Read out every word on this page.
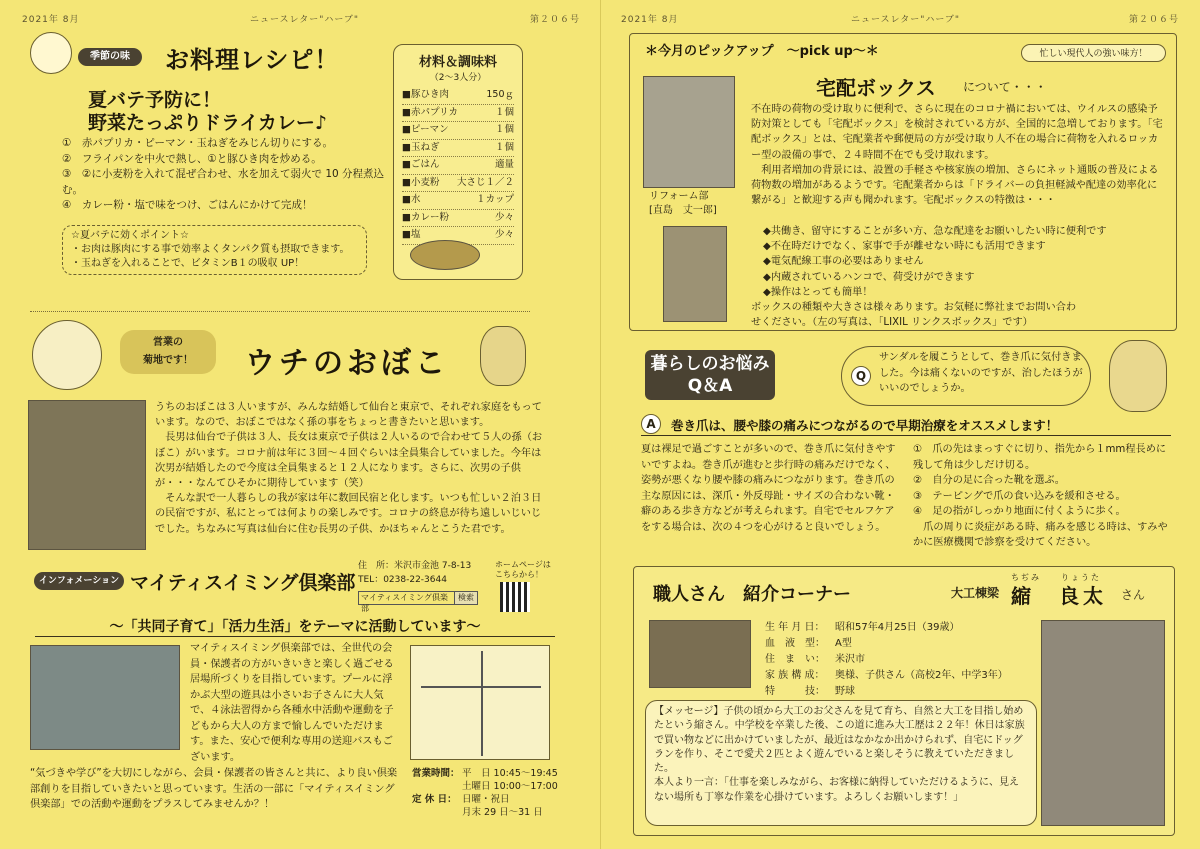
2021年 8月	ニュースレター"ハーブ"	第２０６号
季節の味	お料理レシピ！
夏バテ予防に！
野菜たっぷりドライカレー♪
①　赤パプリカ・ピーマン・玉ねぎをみじん切りにする。
②　フライパンを中火で熱し、①と豚ひき肉を炒める。
③　②に小麦粉を入れて混ぜ合わせ、水を加えて弱火で 10 分程煮込む。
④　カレー粉・塩で味をつけ、ごはんにかけて完成！
材料＆調味料
（2～3人分）
■豚ひき肉	150ｇ
■赤パプリカ	１個
■ピーマン	１個
■玉ねぎ	１個
■ごはん	適量
■小麦粉 大さじ１／２
■水	１カップ
■カレー粉	少々
■塩	少々
☆夏バテに効くポイント☆
・お肉は豚肉にする事で効率よくタンパク質も摂取できます。
・玉ねぎを入れることで、ビタミンB１の吸収 UP！
営業の
菊地です！	ウチのおぼこ
うちのおぼこは３人いますが、みんな結婚して仙台と東京で、それぞれ家庭をもっています。なので、おぼこではなく孫の事をちょっと書きたいと思います。
　長男は仙台で子供は３人、長女は東京で子供は２人いるので合わせて５人の孫（おぼこ）がいます。コロナ前は年に３回～４回ぐらいは全員集合していました。今年は次男が結婚したので今度は全員集まると１２人になります。さらに、次男の子供が・・・なんてひそかに期待しています（笑）
　そんな訳で一人暮らしの我が家は年に数回民宿と化します。いつも忙しい２泊３日の民宿ですが、私にとっては何よりの楽しみです。コロナの終息が待ち遠しいじいじでした。ちなみに写真は仙台に住む長男の子供、かほちゃんとこうた君です。
インフォメーション マイティスイミング倶楽部
住　所：米沢市金池 7-8-13
TEL：0238-22-3644
マイティスイミング倶楽部
検索
ホームページは
こちらから！
～「共同子育て」「活力生活」をテーマに活動しています～
マイティスイミング倶楽部では、全世代の会員・保護者の方がいきいきと楽しく過ごせる居場所づくりを目指しています。プールに浮かぶ大型の遊具は小さいお子さんに大人気で、４泳法習得から各種水中活動や運動を子どもから大人の方まで愉しんでいただけます。また、安心で便利な専用の送迎バスもございます。
“気づきや学び”を大切にしながら、会員・保護者の皆さんと共に、より良い倶楽部創りを目指していきたいと思っています。生活の一部に「マイティスイミング倶楽部」での活動や運動をプラスしてみませんか？！
営業時間： 平　日 10:45～19:45
土曜日 10:00～17:00
定 休 日： 日曜・祝日
月末 29 日～31 日
2021年 8月	ニュースレター"ハーブ"	第２０６号
＊今月のピックアップ　～pick up～＊	忙しい現代人の強い味方！
宅配ボックス について・・・
リフォーム部
[直島　丈一郎]
不在時の荷物の受け取りに便利で、さらに現在のコロナ禍においては、ウイルスの感染予防対策としても「宅配ボックス」を検討されている方が、全国的に急増しております。「宅配ボックス」とは、宅配業者や郵便局の方が受け取り人不在の場合に荷物を入れるロッカー型の設備の事で、２４時間不在でも受け取れます。
　利用者増加の背景には、設置の手軽さや核家族の増加、さらにネット通販の普及による荷物数の増加があるようです。宅配業者からは「ドライバーの負担軽減や配達の効率化に繋がる」と歓迎する声も聞かれます。宅配ボックスの特徴は・・・
◆共働き、留守にすることが多い方、急な配達をお願いしたい時に便利です
◆不在時だけでなく、家事で手が離せない時にも活用できます
◆電気配線工事の必要はありません
◆内蔵されているハンコで、荷受けができます
◆操作はとっても簡単！
ボックスの種類や大きさは様々あります。お気軽に弊社までお問い合わせください。（左の写真は、「LIXIL リンクスボックス」です）
暮らしのお悩み
Q＆A	Q
サンダルを履こうとして、巻き爪に気付きました。今は痛くないのですが、治したほうがいいのでしょうか。
A	巻き爪は、腰や膝の痛みにつながるので早期治療をオススメします！
夏は裸足で過ごすことが多いので、巻き爪に気付きやすいですよね。巻き爪が進むと歩行時の痛みだけでなく、姿勢が悪くなり腰や膝の痛みにつながります。巻き爪の主な原因には、深爪・外反母趾・サイズの合わない靴・癖のある歩き方などが考えられます。自宅でセルフケアをする場合は、次の４つを心がけると良いでしょう。
①　爪の先はまっすぐに切り、指先から１mm程長めに残して角は少しだけ切る。
②　自分の足に合った靴を選ぶ。
③　テーピングで爪の食い込みを緩和させる。
④　足の指がしっかり地面に付くように歩く。
　爪の周りに炎症がある時、痛みを感じる時は、すみやかに医療機関で診察を受けてください。
職人さん　紹介コーナー	大工棟梁
ちぢみ　　りょうた
縮　良太 さん
生 年 月 日：	昭和57年4月25日（39歳）
血　液　型：	A型
住　ま　い：	米沢市
家 族 構 成：	奥様、子供さん（高校2年、中学3年）
特　　　技：	野球
【メッセージ】子供の頃から大工のお父さんを見て育ち、自然と大工を目指し始めたという縮さん。中学校を卒業した後、この道に進み大工歴は２２年！休日は家族で買い物などに出かけていましたが、最近はなかなか出かけられず、自宅にドッグランを作り、そこで愛犬２匹とよく遊んでいると楽しそうに教えていただきました。
本人より一言：「仕事を楽しみながら、お客様に納得していただけるように、見えない場所も丁寧な作業を心掛けています。よろしくお願いします！」
